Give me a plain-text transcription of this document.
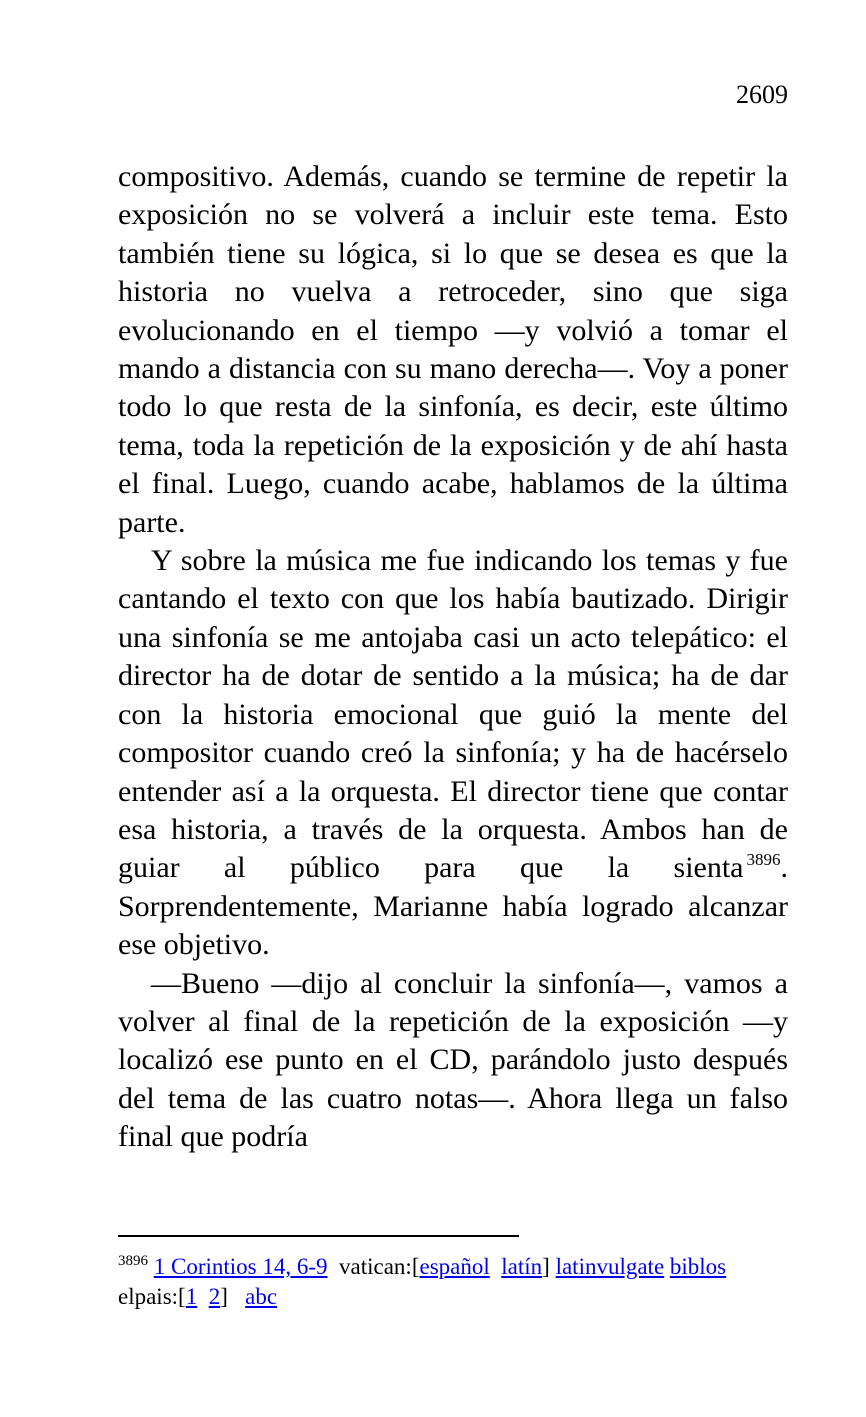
2609

compositivo. Además, cuando se termine de repetir la exposición no se volverá a incluir este tema. Esto también tiene su lógica, si lo que se desea es que la historia no vuelva a retroceder, sino que siga evolucionando en el tiempo —y volvió a tomar el mando a distancia con su mano derecha—. Voy a poner todo lo que resta de la sinfonía, es decir, este último tema, toda la repetición de la exposición y de ahí hasta el final. Luego, cuando acabe, hablamos de la última parte.

Y sobre la música me fue indicando los temas y fue cantando el texto con que los había bautizado. Dirigir una sinfonía se me antojaba casi un acto telepático: el director ha de dotar de sentido a la música; ha de dar con la historia emocional que guió la mente del compositor cuando creó la sinfonía; y ha de hacérselo entender así a la orquesta. El director tiene que contar esa historia, a través de la orquesta. Ambos han de guiar al público para que la sienta $^{3896}$. Sorprendentemente, Marianne había logrado alcanzar ese objetivo.

—Bueno —dijo al concluir la sinfonía—, vamos a volver al final de la repetición de la exposición —y localizó ese punto en el CD, parándolo justo después del tema de las cuatro notas—. Ahora llega un falso final que podría

$^{3896}$ 1 Corintios 14, 6-9 vatican:[español latín] latinvulgate biblos
elpais:[1 2] abc
